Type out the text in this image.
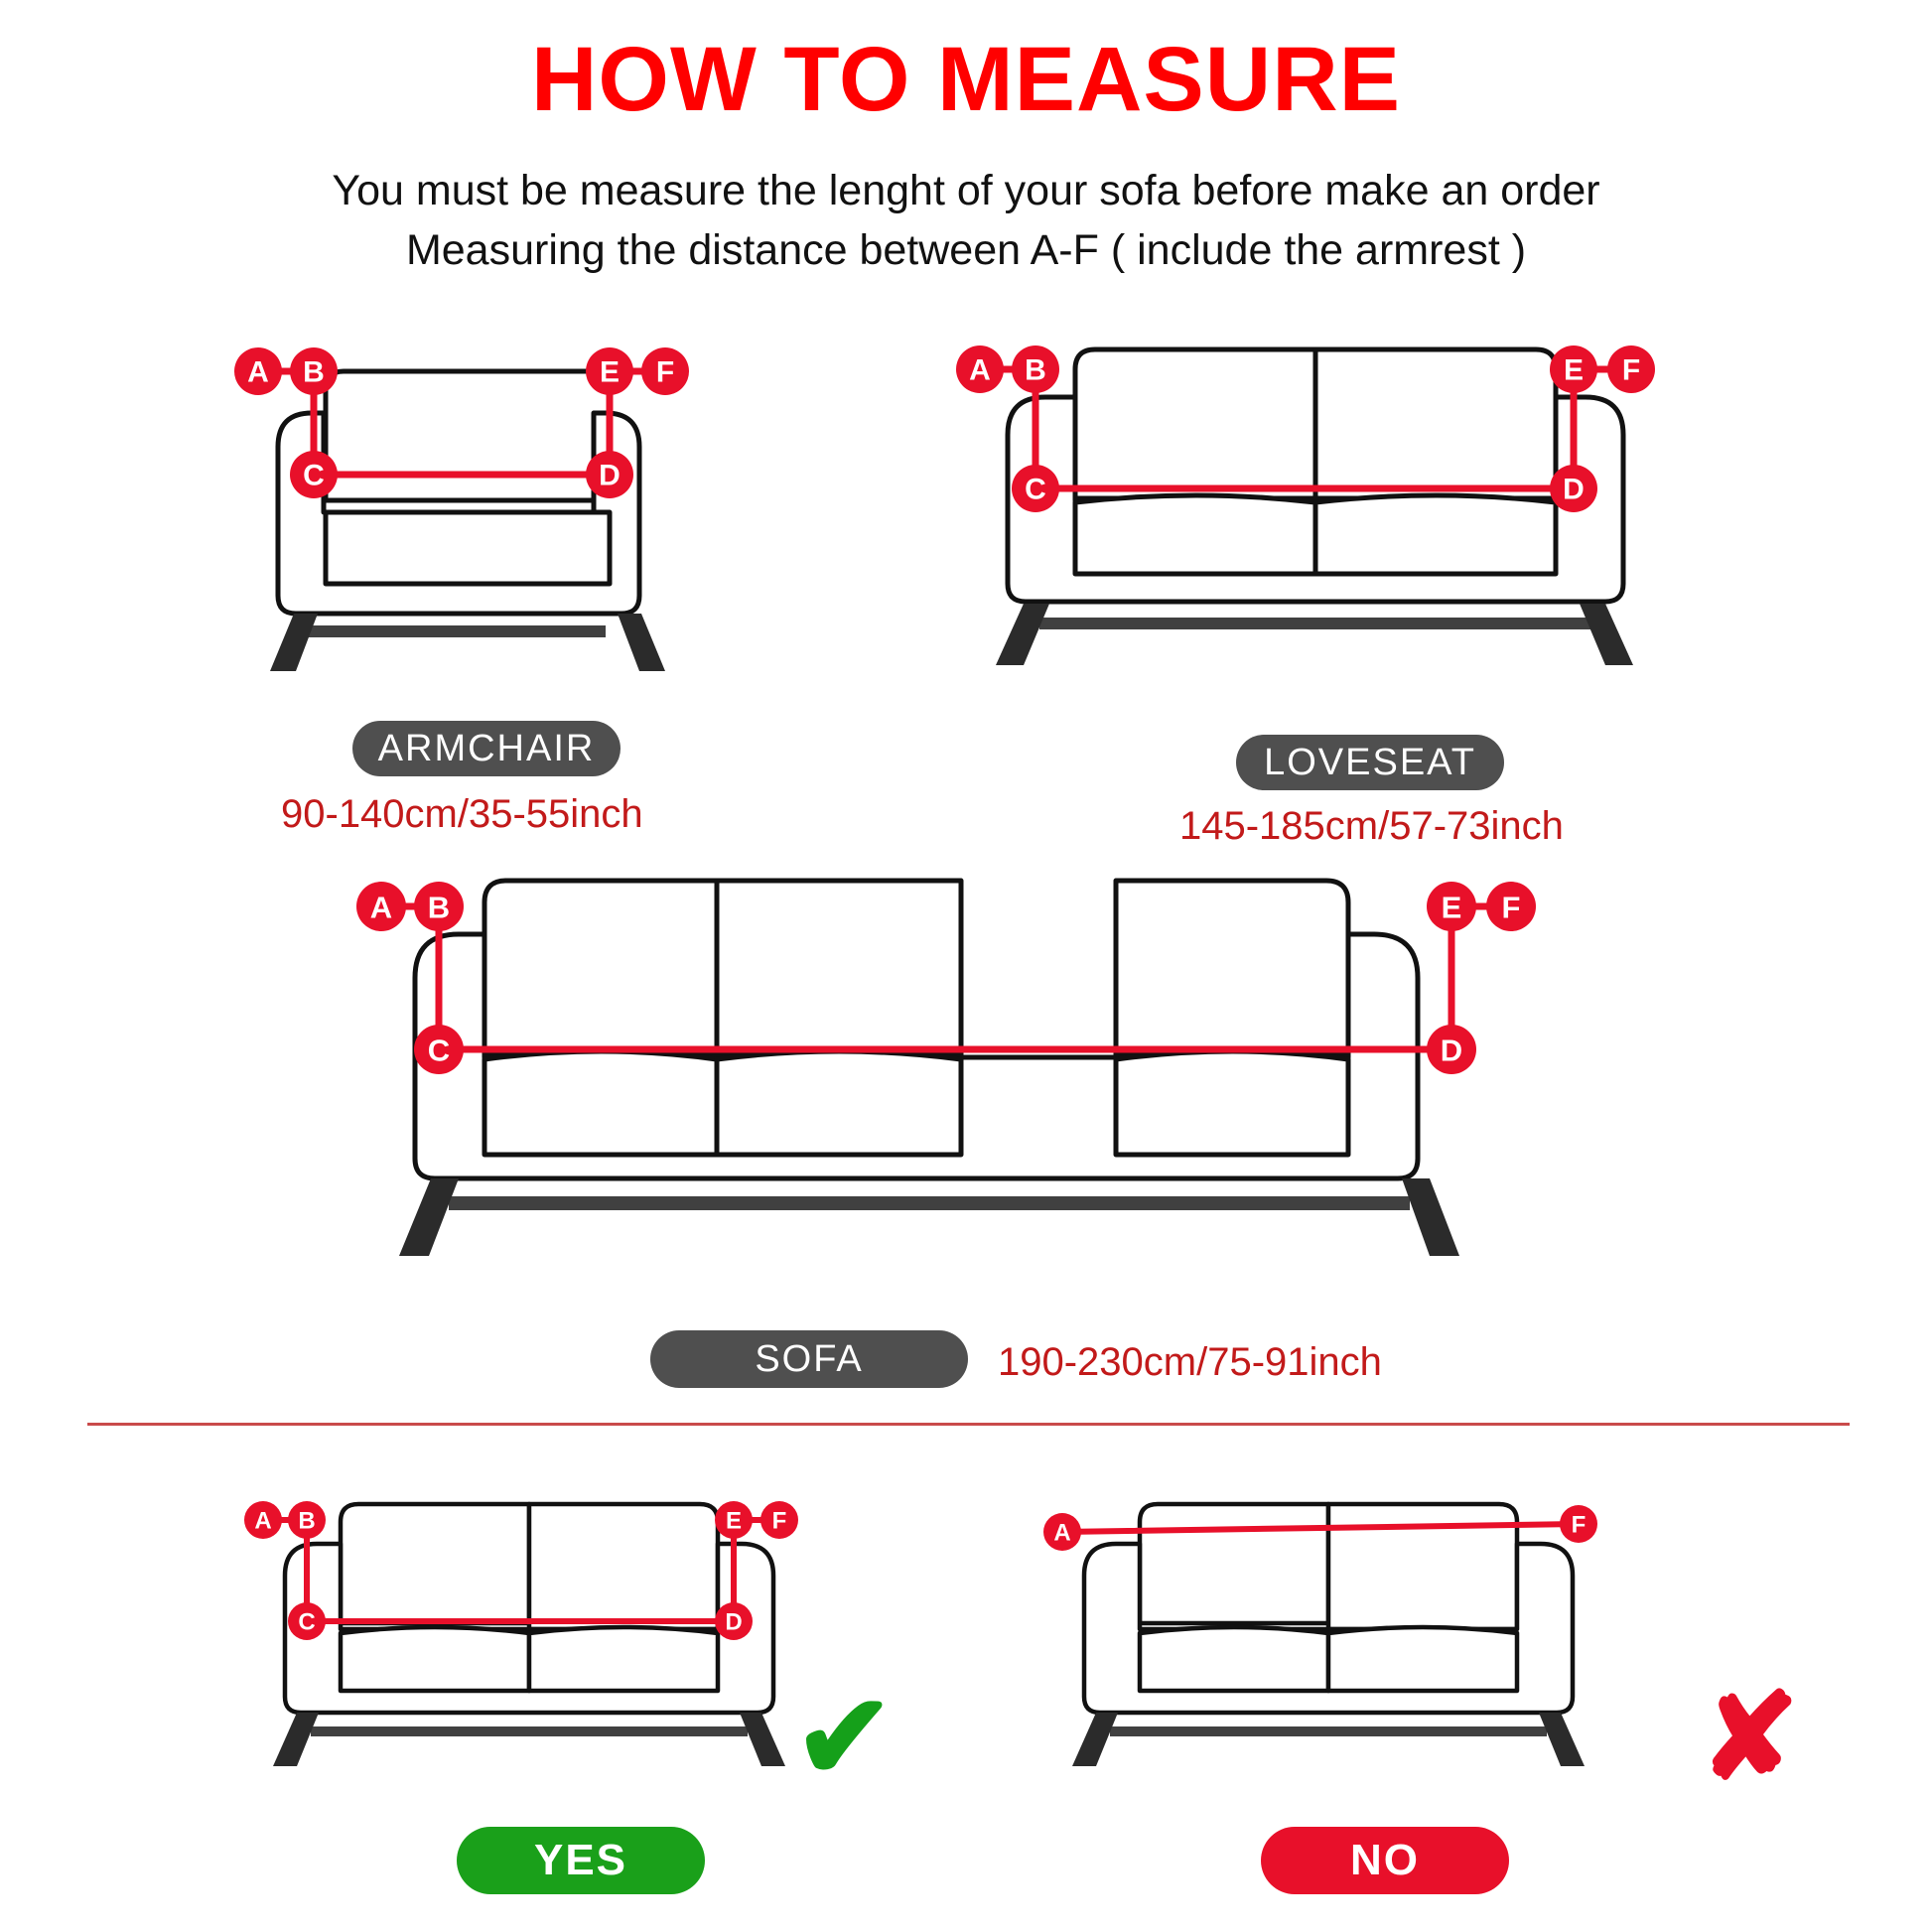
HOW TO MEASURE
You must be measure the lenght of your sofa before make an order
Measuring the distance between A-F ( include the armrest )
A B
C	D
E F
ARMCHAIR
90-140cm/35-55inch
A B
C	D
E F
LOVESEAT
145-185cm/57-73inch
A B
C	D
E F
SOFA	190-230cm/75-91inch
A B
C	D
E F
✔
YES
A	F
✘
NO
